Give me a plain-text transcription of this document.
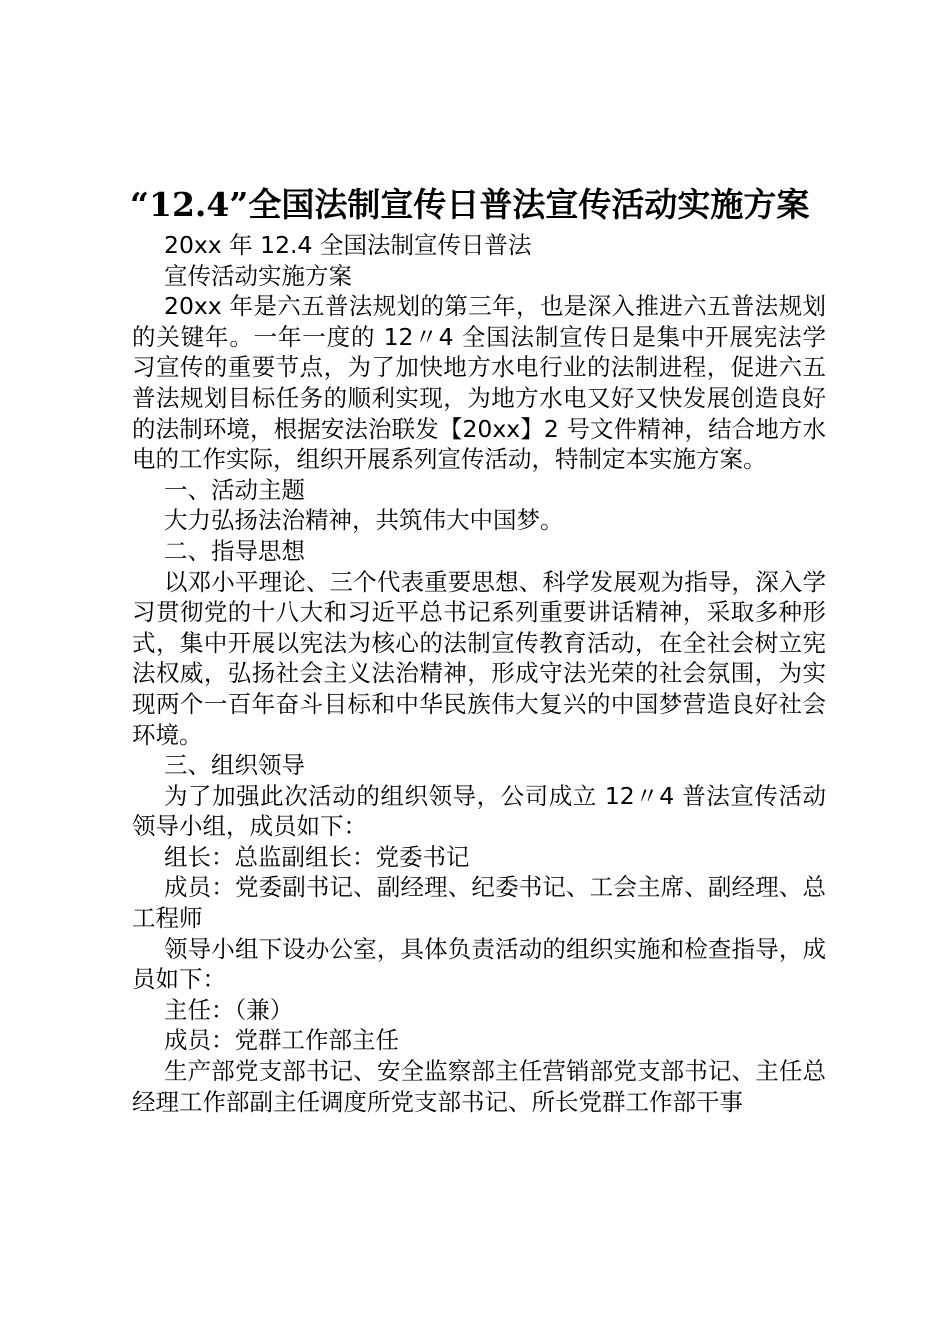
“12.4”全国法制宣传日普法宣传活动实施方案

20xx 年 12.4 全国法制宣传日普法

宣传活动实施方案

20xx 年是六五普法规划的第三年，也是深入推进六五普法规划的关键年。一年一度的 12〃4 全国法制宣传日是集中开展宪法学习宣传的重要节点，为了加快地方水电行业的法制进程，促进六五普法规划目标任务的顺利实现，为地方水电又好又快发展创造良好的法制环境，根据安法治联发【20xx】2 号文件精神，结合地方水电的工作实际，组织开展系列宣传活动，特制定本实施方案。

一、活动主题

大力弘扬法治精神，共筑伟大中国梦。

二、指导思想

以邓小平理论、三个代表重要思想、科学发展观为指导，深入学习贯彻党的十八大和习近平总书记系列重要讲话精神，采取多种形式，集中开展以宪法为核心的法制宣传教育活动，在全社会树立宪法权威，弘扬社会主义法治精神，形成守法光荣的社会氛围，为实现两个一百年奋斗目标和中华民族伟大复兴的中国梦营造良好社会环境。

三、组织领导

为了加强此次活动的组织领导，公司成立 12〃4 普法宣传活动领导小组，成员如下：

组长：总监副组长：党委书记

成员：党委副书记、副经理、纪委书记、工会主席、副经理、总工程师

领导小组下设办公室，具体负责活动的组织实施和检查指导，成员如下：

主任：（兼）

成员：党群工作部主任

生产部党支部书记、安全监察部主任营销部党支部书记、主任总经理工作部副主任调度所党支部书记、所长党群工作部干事
